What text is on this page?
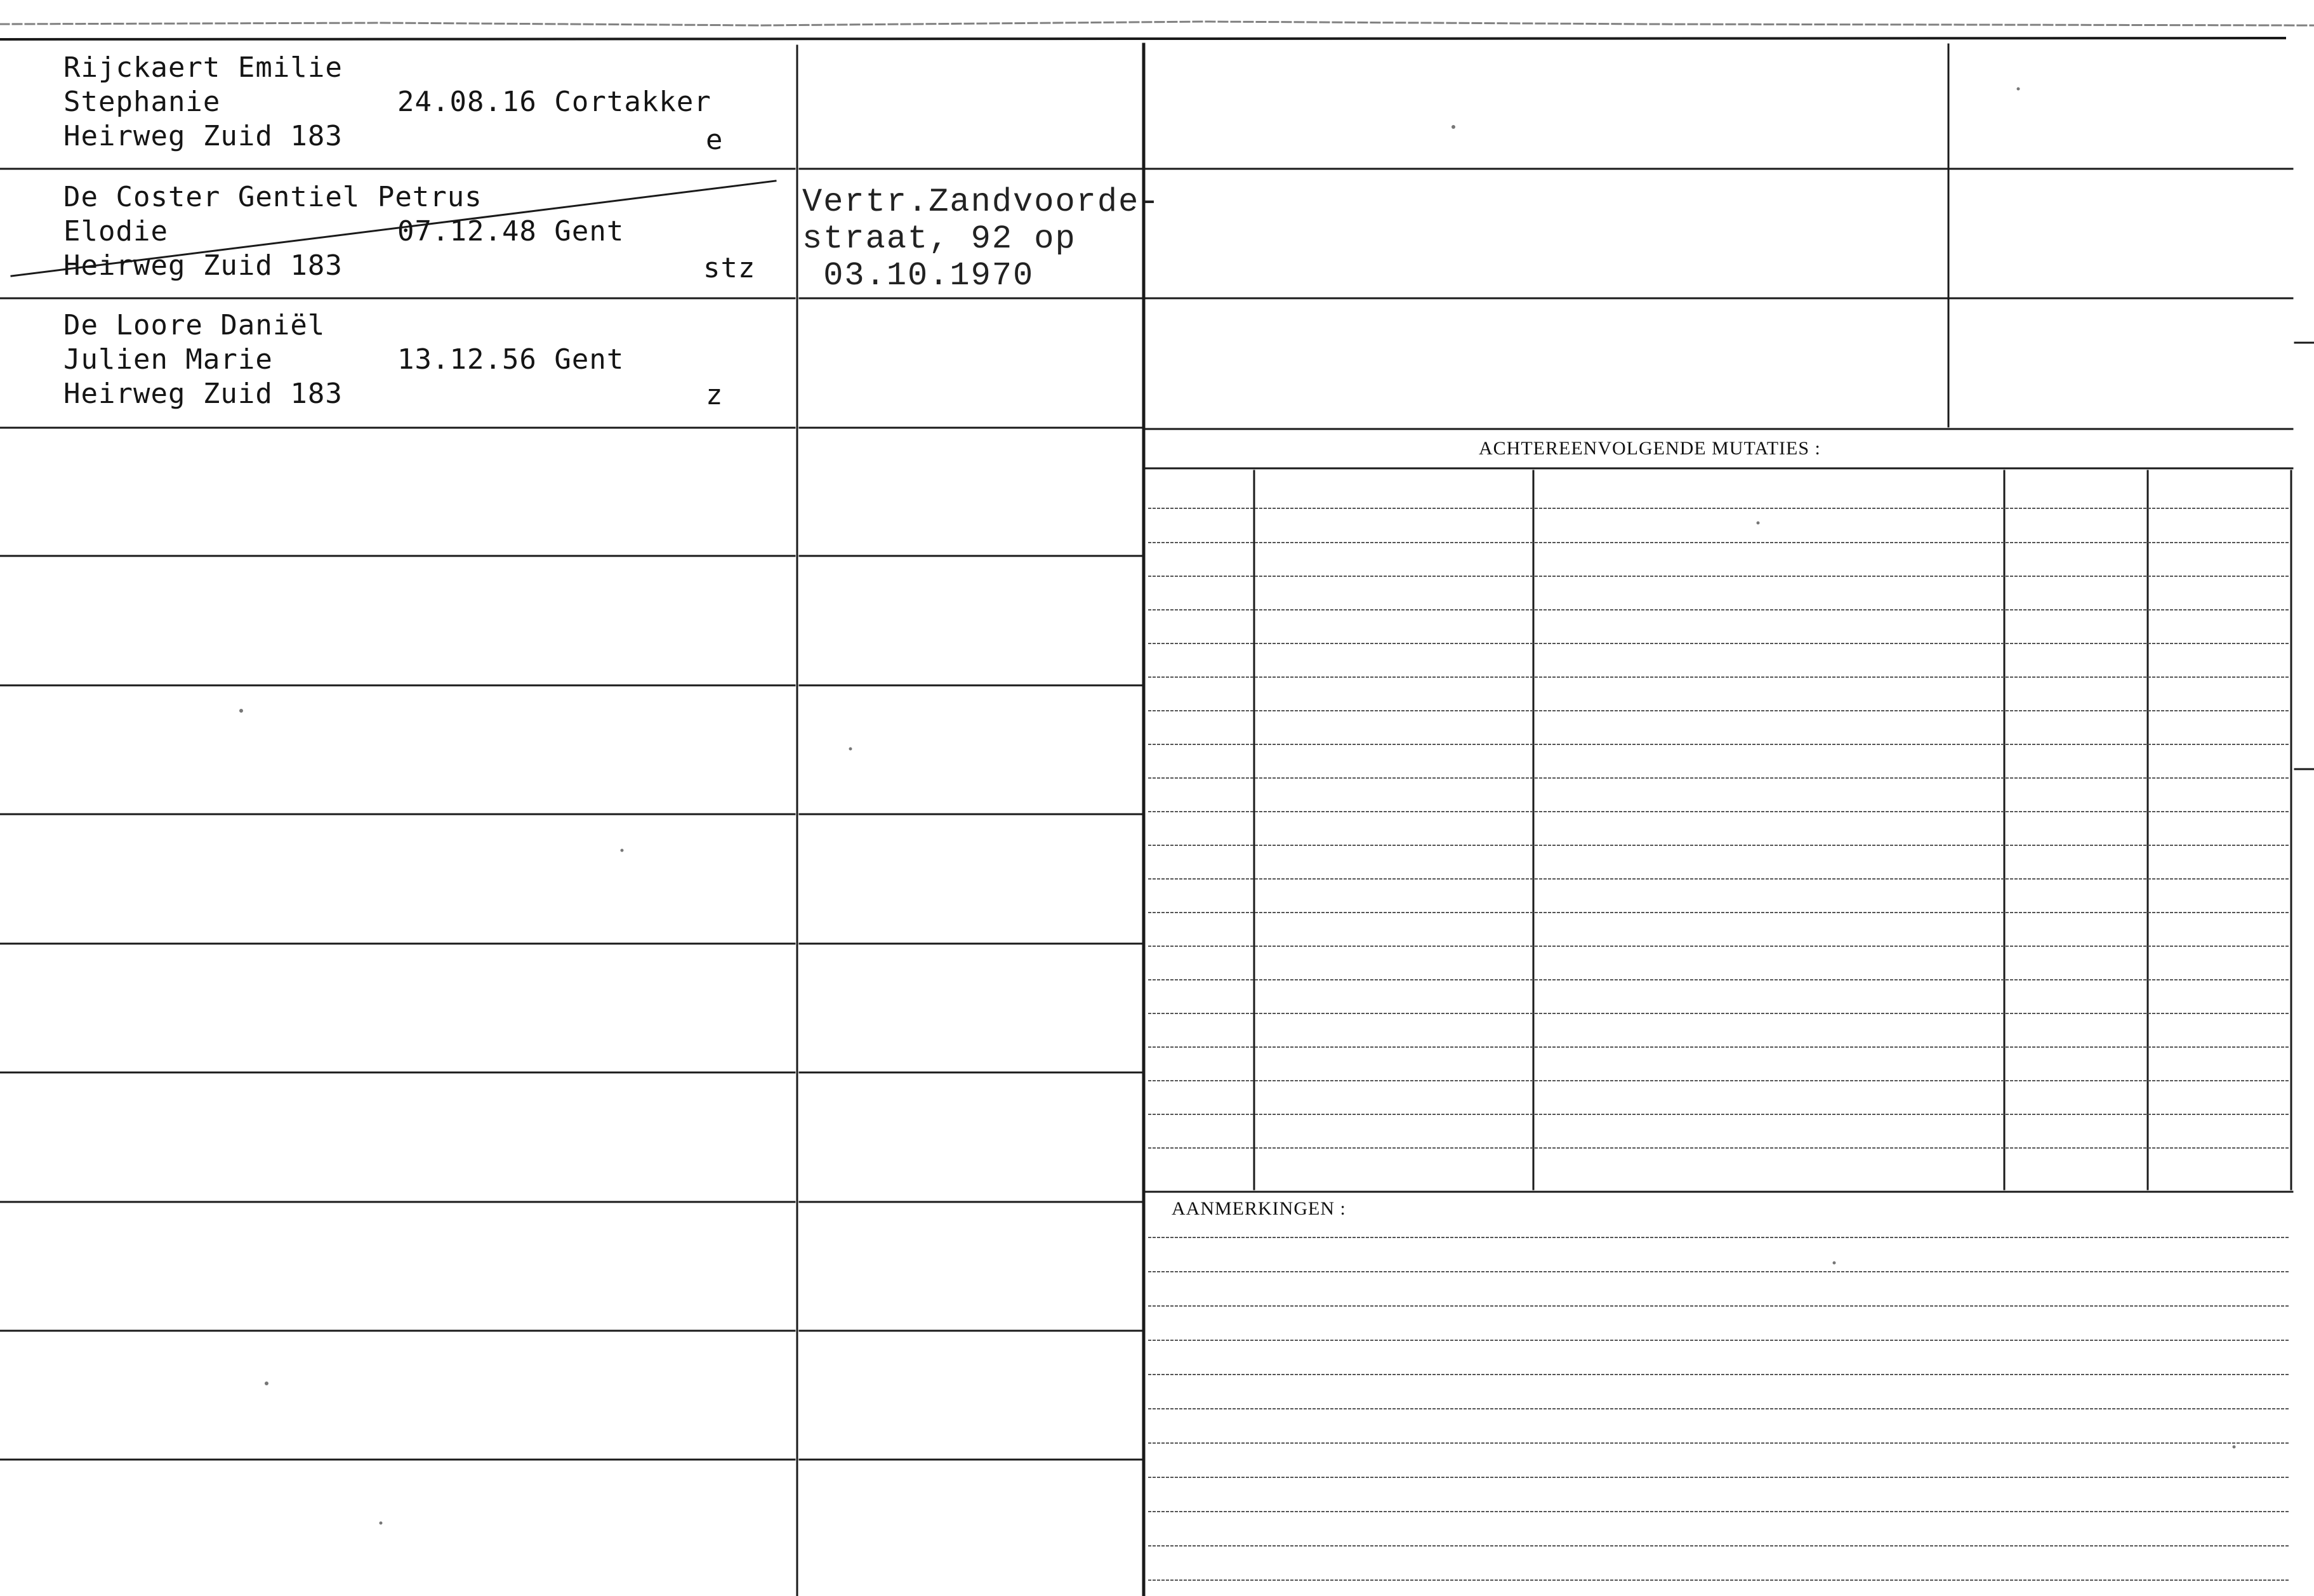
Rijckaert Emilie
Stephanie
Heirweg Zuid 183
24.08.16 Cortakker
e
De Coster Gentiel Petrus
Elodie
Heirweg Zuid 183
07.12.48 Gent
stz
Vertr.Zandvoorde-
straat, 92 op
03.10.1970
De Loore Daniël
Julien Marie
Heirweg Zuid 183
13.12.56 Gent
z
ACHTEREENVOLGENDE MUTATIES :
AANMERKINGEN :
